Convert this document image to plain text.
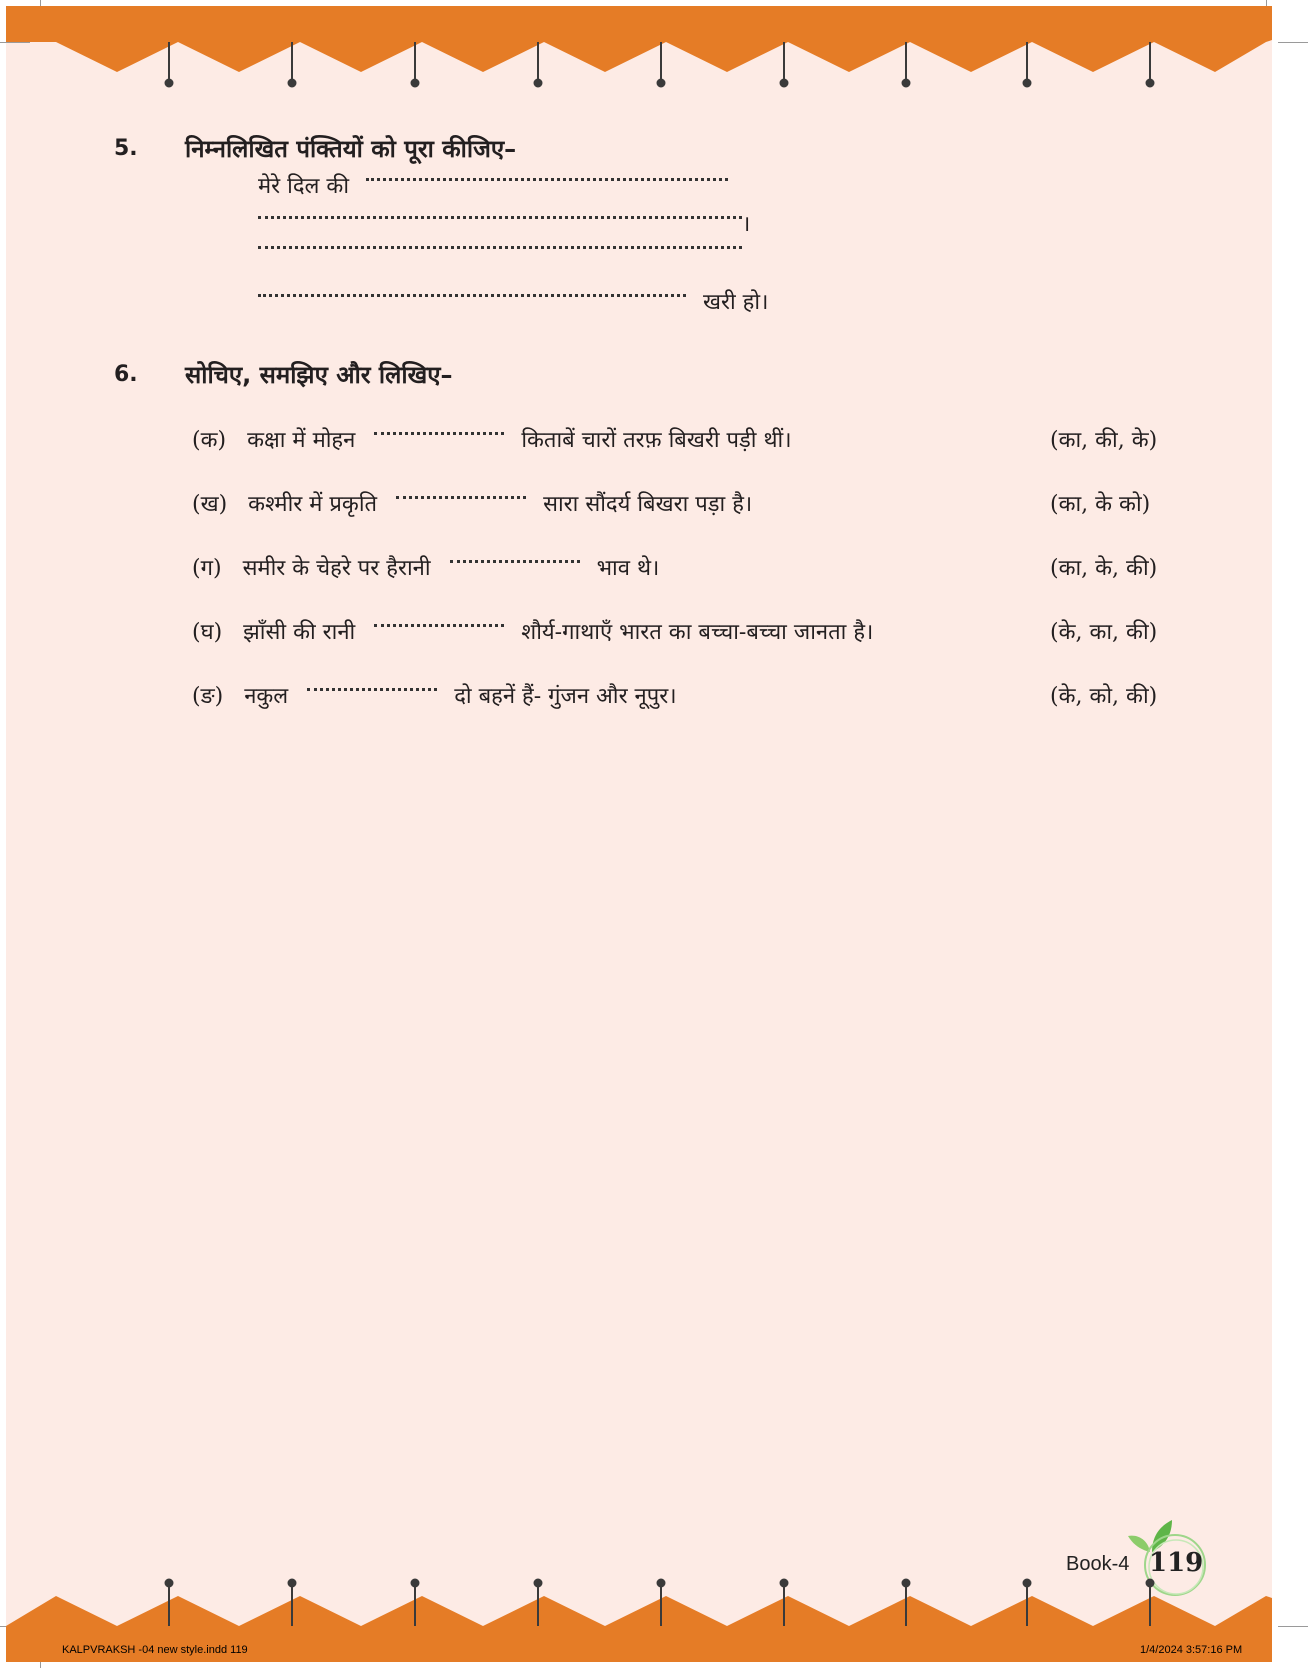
5. निम्नलिखित पंक्तियों को पूरा कीजिए–
मेरे दिल की
।
खरी हो।
6. सोचिए, समझिए और लिखिए–
(क) कक्षा में मोहन	किताबें चारों तरफ़ बिखरी पड़ी थीं।	(का, की, के)
(ख) कश्मीर में प्रकृति	सारा सौंदर्य बिखरा पड़ा है।	(का, के को)
(ग) समीर के चेहरे पर हैरानी	भाव थे।	(का, के, की)
(घ) झाँसी की रानी	शौर्य-गाथाएँ भारत का बच्चा-बच्चा जानता है।	(के, का, की)
(ङ) नकुल	दो बहनें हैं- गुंजन और नूपुर।	(के, को, की)
Book-4 119
KALPVRAKSH -04 new style.indd 119	1/4/2024 3:57:16 PM
